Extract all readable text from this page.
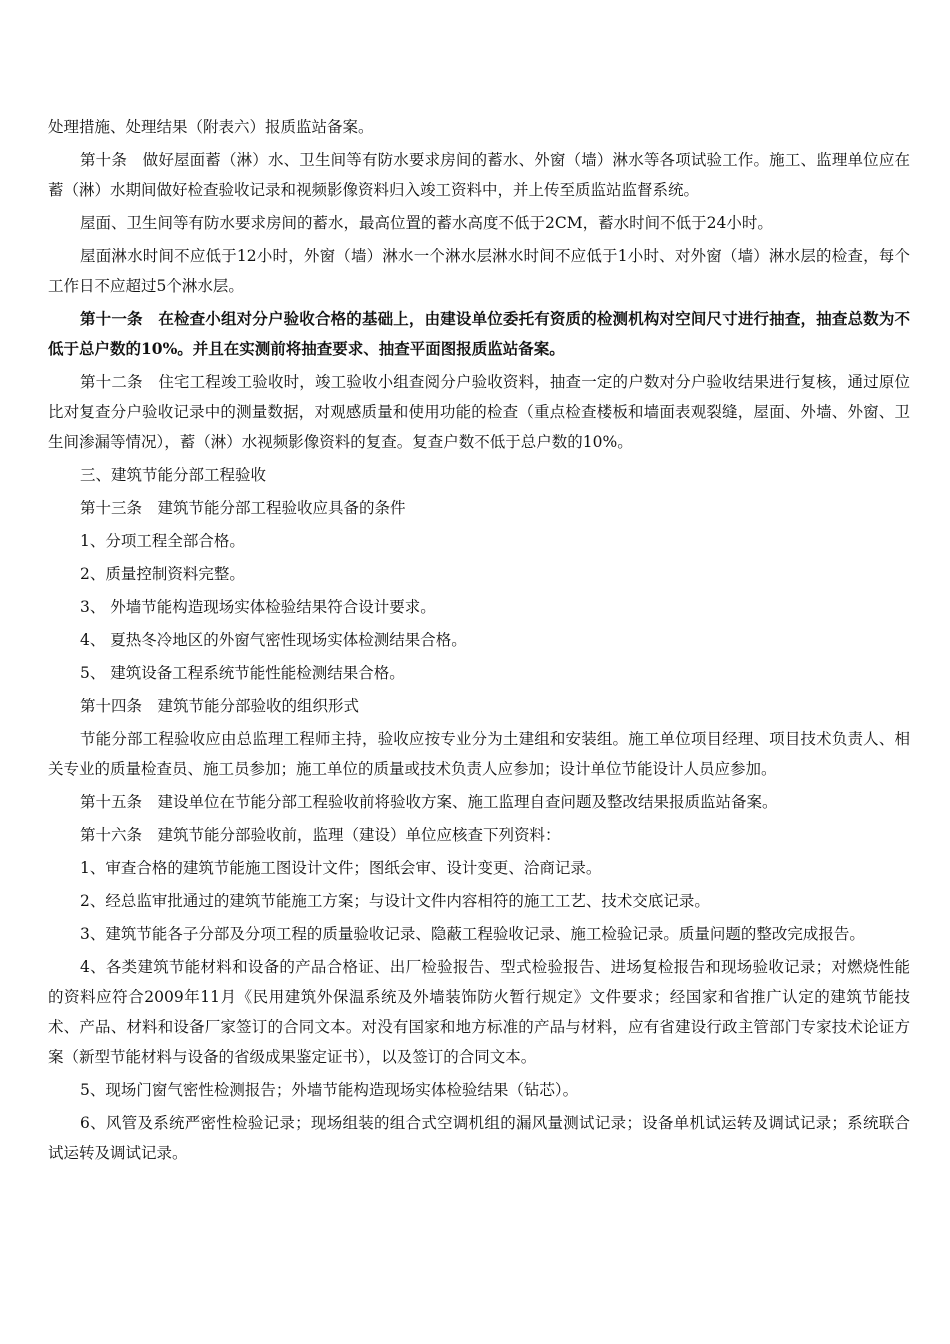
处理措施、处理结果（附表六）报质监站备案。

第十条　做好屋面蓄（淋）水、卫生间等有防水要求房间的蓄水、外窗（墙）淋水等各项试验工作。施工、监理单位应在蓄（淋）水期间做好检查验收记录和视频影像资料归入竣工资料中，并上传至质监站监督系统。

屋面、卫生间等有防水要求房间的蓄水，最高位置的蓄水高度不低于2CM，蓄水时间不低于24小时。

屋面淋水时间不应低于12小时，外窗（墙）淋水一个淋水层淋水时间不应低于1小时、对外窗（墙）淋水层的检查，每个工作日不应超过5个淋水层。

第十一条　在检查小组对分户验收合格的基础上，由建设单位委托有资质的检测机构对空间尺寸进行抽查，抽查总数为不低于总户数的10%。并且在实测前将抽查要求、抽查平面图报质监站备案。

第十二条　住宅工程竣工验收时，竣工验收小组查阅分户验收资料，抽查一定的户数对分户验收结果进行复核，通过原位比对复查分户验收记录中的测量数据，对观感质量和使用功能的检查（重点检查楼板和墙面表观裂缝，屋面、外墙、外窗、卫生间渗漏等情况），蓄（淋）水视频影像资料的复查。复查户数不低于总户数的10%。

三、建筑节能分部工程验收

第十三条　建筑节能分部工程验收应具备的条件

1、分项工程全部合格。

2、质量控制资料完整。

3、 外墙节能构造现场实体检验结果符合设计要求。

4、 夏热冬冷地区的外窗气密性现场实体检测结果合格。

5、 建筑设备工程系统节能性能检测结果合格。

第十四条　建筑节能分部验收的组织形式

节能分部工程验收应由总监理工程师主持，验收应按专业分为土建组和安装组。施工单位项目经理、项目技术负责人、相关专业的质量检查员、施工员参加；施工单位的质量或技术负责人应参加；设计单位节能设计人员应参加。

第十五条　建设单位在节能分部工程验收前将验收方案、施工监理自查问题及整改结果报质监站备案。

第十六条　建筑节能分部验收前，监理（建设）单位应核查下列资料：

1、审查合格的建筑节能施工图设计文件；图纸会审、设计变更、洽商记录。

2、经总监审批通过的建筑节能施工方案；与设计文件内容相符的施工工艺、技术交底记录。

3、建筑节能各子分部及分项工程的质量验收记录、隐蔽工程验收记录、施工检验记录。质量问题的整改完成报告。

4、各类建筑节能材料和设备的产品合格证、出厂检验报告、型式检验报告、进场复检报告和现场验收记录；对燃烧性能的资料应符合2009年11月《民用建筑外保温系统及外墙装饰防火暂行规定》文件要求；经国家和省推广认定的建筑节能技术、产品、材料和设备厂家签订的合同文本。对没有国家和地方标准的产品与材料，应有省建设行政主管部门专家技术论证方案（新型节能材料与设备的省级成果鉴定证书），以及签订的合同文本。

5、现场门窗气密性检测报告；外墙节能构造现场实体检验结果（钻芯）。

6、风管及系统严密性检验记录；现场组装的组合式空调机组的漏风量测试记录；设备单机试运转及调试记录；系统联合试运转及调试记录。
